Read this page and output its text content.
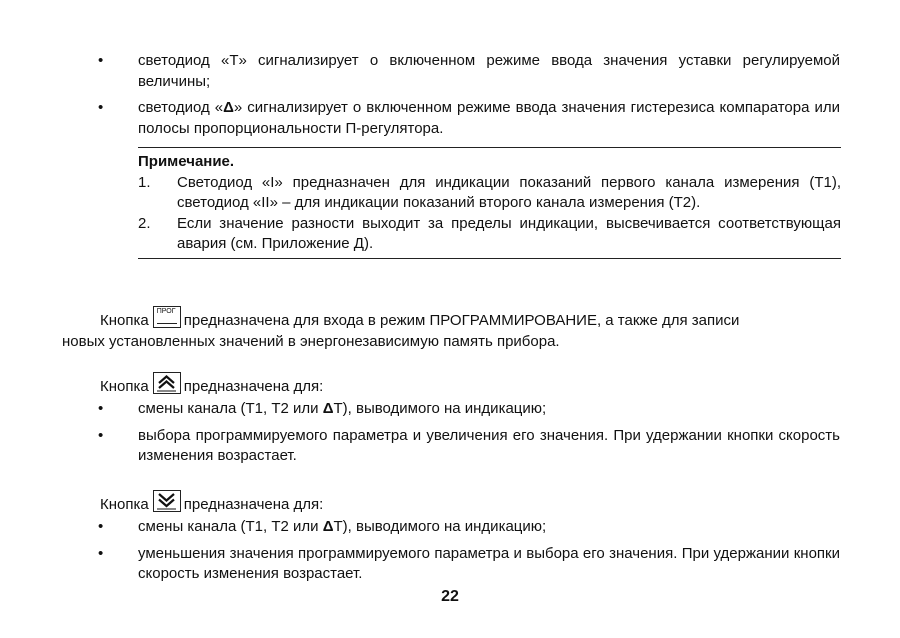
• светодиод «T» сигнализирует о включенном режиме ввода значения уставки регулируемой величины;
• светодиод «Δ» сигнализирует о включенном режиме ввода значения гистерезиса компаратора или полосы пропорциональности П-регулятора.
Примечание.
1. Светодиод «I» предназначен для индикации показаний первого канала измерения (Т1), светодиод «II» – для индикации показаний второго канала измерения (Т2).
2. Если значение разности выходит за пределы индикации, высвечивается соответствующая авария (см. Приложение Д).
Кнопка
ПРОГ
предназначена для входа в режим ПРОГРАММИРОВАНИЕ, а также для записи
новых установленных значений в энергонезависимую память прибора.
Кнопка предназначена для:
• смены канала (Т1, Т2 или ΔТ), выводимого на индикацию;
• выбора программируемого параметра и увеличения его значения. При удержании кнопки скорость изменения возрастает.
Кнопка предназначена для:
• смены канала (Т1, Т2 или ΔТ), выводимого на индикацию;
• уменьшения значения программируемого параметра и выбора его значения. При удержании кнопки скорость изменения возрастает.
22
